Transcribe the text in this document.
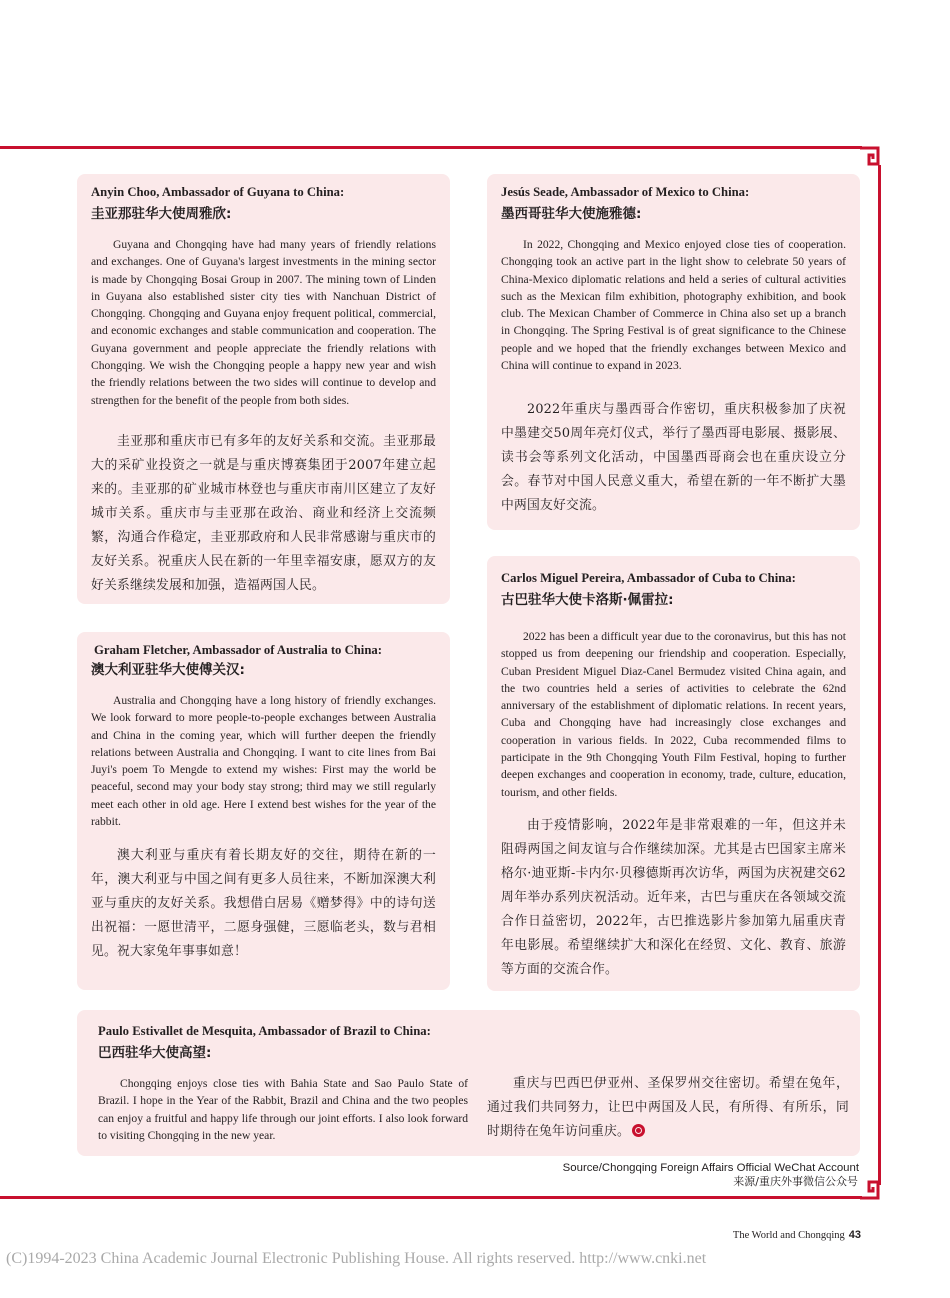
Anyin Choo, Ambassador of Guyana to China:
圭亚那驻华大使周雅欣:

Guyana and Chongqing have had many years of friendly relations and exchanges. One of Guyana's largest investments in the mining sector is made by Chongqing Bosai Group in 2007. The mining town of Linden in Guyana also established sister city ties with Nanchuan District of Chongqing. Chongqing and Guyana enjoy frequent political, commercial, and economic exchanges and stable communication and cooperation. The Guyana government and people appreciate the friendly relations with Chongqing. We wish the Chongqing people a happy new year and wish the friendly relations between the two sides will continue to develop and strengthen for the benefit of the people from both sides.

圭亚那和重庆市已有多年的友好关系和交流。圭亚那最大的采矿业投资之一就是与重庆博赛集团于2007年建立起来的。圭亚那的矿业城市林登也与重庆市南川区建立了友好城市关系。重庆市与圭亚那在政治、商业和经济上交流频繁，沟通合作稳定，圭亚那政府和人民非常感谢与重庆市的友好关系。祝重庆人民在新的一年里幸福安康，愿双方的友好关系继续发展和加强，造福两国人民。

Jesús Seade, Ambassador of Mexico to China:
墨西哥驻华大使施雅德:

In 2022, Chongqing and Mexico enjoyed close ties of cooperation. Chongqing took an active part in the light show to celebrate 50 years of China-Mexico diplomatic relations and held a series of cultural activities such as the Mexican film exhibition, photography exhibition, and book club. The Mexican Chamber of Commerce in China also set up a branch in Chongqing. The Spring Festival is of great significance to the Chinese people and we hoped that the friendly exchanges between Mexico and China will continue to expand in 2023.

2022年重庆与墨西哥合作密切，重庆积极参加了庆祝中墨建交50周年亮灯仪式，举行了墨西哥电影展、摄影展、读书会等系列文化活动，中国墨西哥商会也在重庆设立分会。春节对中国人民意义重大，希望在新的一年不断扩大墨中两国友好交流。

Graham Fletcher, Ambassador of Australia to China:
澳大利亚驻华大使傅关汉:

Australia and Chongqing have a long history of friendly exchanges. We look forward to more people-to-people exchanges between Australia and China in the coming year, which will further deepen the friendly relations between Australia and Chongqing. I want to cite lines from Bai Juyi's poem To Mengde to extend my wishes: First may the world be peaceful, second may your body stay strong; third may we still regularly meet each other in old age. Here I extend best wishes for the year of the rabbit.

澳大利亚与重庆有着长期友好的交往，期待在新的一年，澳大利亚与中国之间有更多人员往来，不断加深澳大利亚与重庆的友好关系。我想借白居易《赠梦得》中的诗句送出祝福：一愿世清平，二愿身强健，三愿临老头，数与君相见。祝大家兔年事事如意！

Carlos Miguel Pereira, Ambassador of Cuba to China:
古巴驻华大使卡洛斯·佩雷拉:

2022 has been a difficult year due to the coronavirus, but this has not stopped us from deepening our friendship and cooperation. Especially, Cuban President Miguel Diaz-Canel Bermudez visited China again, and the two countries held a series of activities to celebrate the 62nd anniversary of the establishment of diplomatic relations. In recent years, Cuba and Chongqing have had increasingly close exchanges and cooperation in various fields. In 2022, Cuba recommended films to participate in the 9th Chongqing Youth Film Festival, hoping to further deepen exchanges and cooperation in economy, trade, culture, education, tourism, and other fields.

由于疫情影响，2022年是非常艰难的一年，但这并未阻碍两国之间友谊与合作继续加深。尤其是古巴国家主席米格尔·迪亚斯-卡内尔·贝穆德斯再次访华，两国为庆祝建交62周年举办系列庆祝活动。近年来，古巴与重庆在各领域交流合作日益密切，2022年，古巴推选影片参加第九届重庆青年电影展。希望继续扩大和深化在经贸、文化、教育、旅游等方面的交流合作。

Paulo Estivallet de Mesquita, Ambassador of Brazil to China:
巴西驻华大使高望:

Chongqing enjoys close ties with Bahia State and Sao Paulo State of Brazil. I hope in the Year of the Rabbit, Brazil and China and the two peoples can enjoy a fruitful and happy life through our joint efforts. I also look forward to visiting Chongqing in the new year.

重庆与巴西巴伊亚州、圣保罗州交往密切。希望在兔年，通过我们共同努力，让巴中两国及人民，有所得、有所乐，同时期待在兔年访问重庆。

Source/Chongqing Foreign Affairs Official WeChat Account
来源/重庆外事微信公众号
The World and Chongqing 43
(C)1994-2023 China Academic Journal Electronic Publishing House. All rights reserved. http://www.cnki.net
